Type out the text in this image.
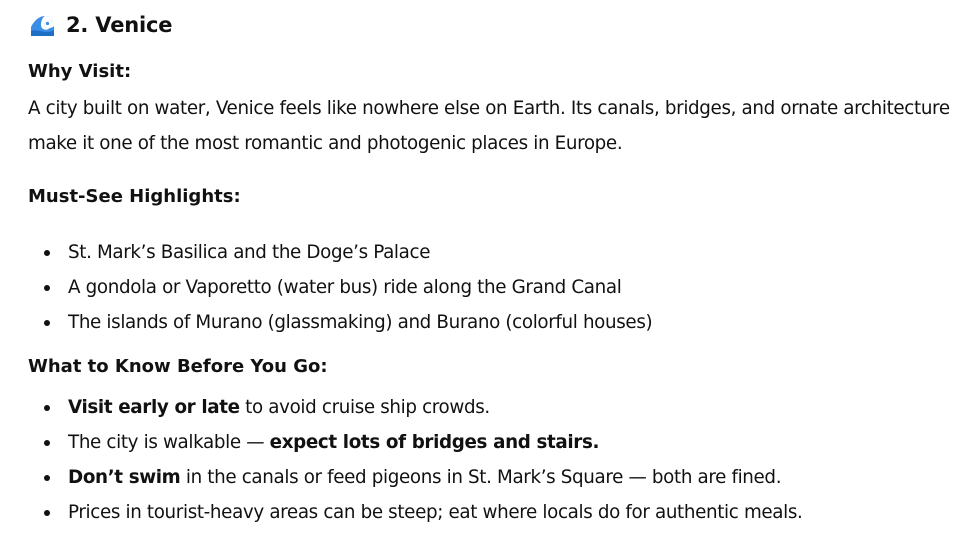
2. Venice
Why Visit:
A city built on water, Venice feels like nowhere else on Earth. Its canals, bridges, and ornate architecture make it one of the most romantic and photogenic places in Europe.
Must-See Highlights:
St. Mark’s Basilica and the Doge’s Palace
A gondola or Vaporetto (water bus) ride along the Grand Canal
The islands of Murano (glassmaking) and Burano (colorful houses)
What to Know Before You Go:
Visit early or late to avoid cruise ship crowds.
The city is walkable — expect lots of bridges and stairs.
Don’t swim in the canals or feed pigeons in St. Mark’s Square — both are fined.
Prices in tourist-heavy areas can be steep; eat where locals do for authentic meals.
